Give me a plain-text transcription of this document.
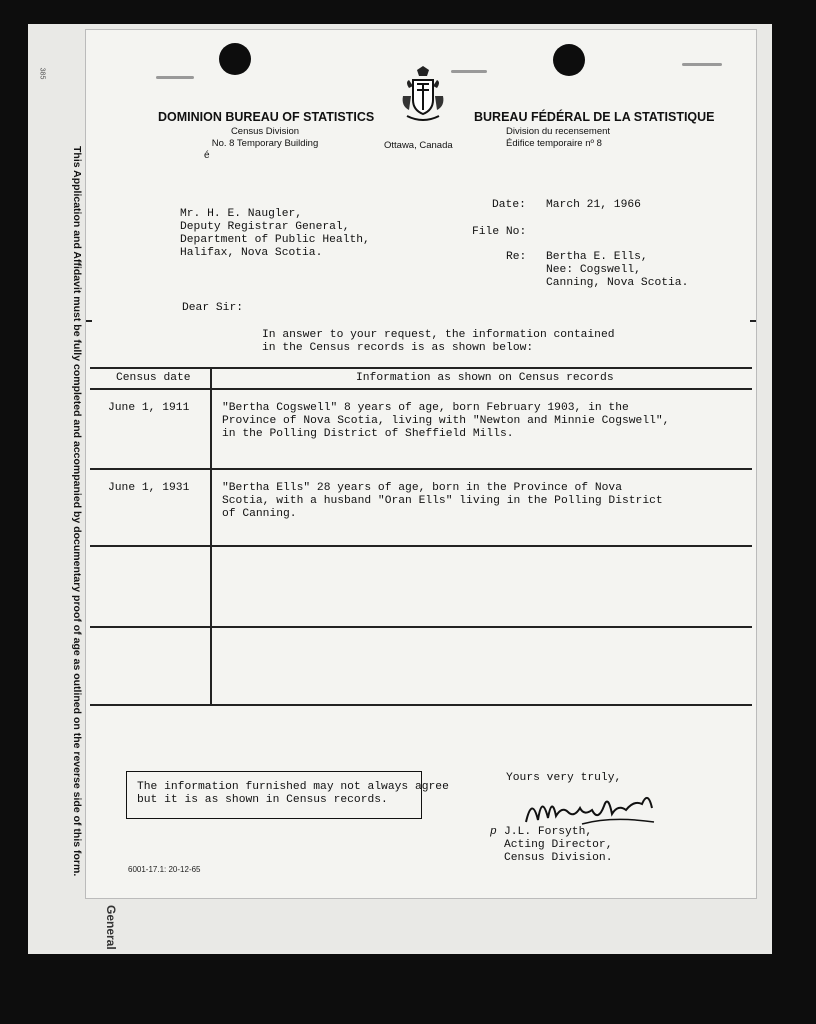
385
This Application and Affidavit must be fully completed and accompanied by documentary proof of age as outlined on the reverse side of this form.
General
DOMINION BUREAU OF STATISTICS
Census Division
No. 8 Temporary Building
é
Ottawa, Canada
BUREAU FÉDÉRAL DE LA STATISTIQUE
Division du recensement
Édifice temporaire nº 8
Mr. H. E. Naugler,
Deputy Registrar General,
Department of Public Health,
Halifax, Nova Scotia.
Date: March 21, 1966
File No:
Re: Bertha E. Ells,
Nee: Cogswell,
Canning, Nova Scotia.
Dear Sir:
In answer to your request, the information contained
in the Census records is as shown below:
Census date	Information as shown on Census records
June 1, 1911	"Bertha Cogswell" 8 years of age, born February 1903, in the
Province of Nova Scotia, living with "Newton and Minnie Cogswell",
in the Polling District of Sheffield Mills.
June 1, 1931	"Bertha Ells" 28 years of age, born in the Province of Nova
Scotia, with a husband "Oran Ells" living in the Polling District
of Canning.
The information furnished may not always agree
but it is as shown in Census records.
Yours very truly,
p J.L. Forsyth,
Acting Director,
Census Division.
6001-17.1: 20-12-65
